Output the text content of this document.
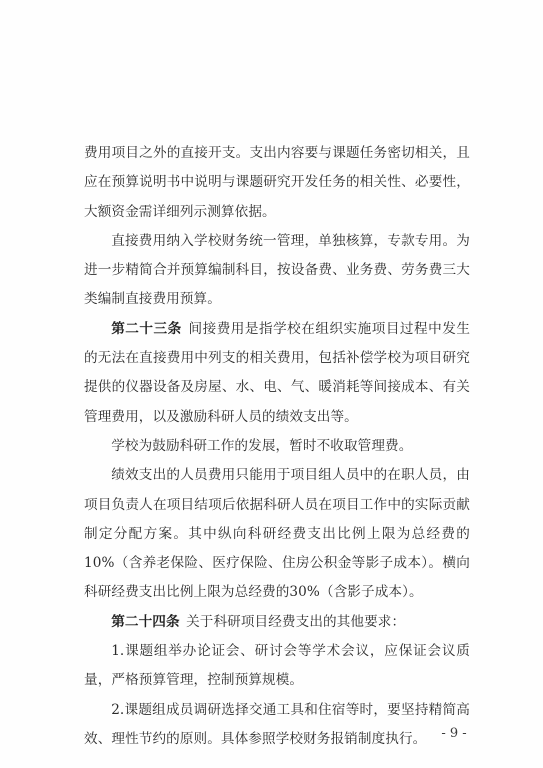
费用项目之外的直接开支。支出内容要与课题任务密切相关，且应在预算说明书中说明与课题研究开发任务的相关性、必要性，大额资金需详细列示测算依据。

直接费用纳入学校财务统一管理，单独核算，专款专用。为进一步精简合并预算编制科目，按设备费、业务费、劳务费三大类编制直接费用预算。

第二十三条 间接费用是指学校在组织实施项目过程中发生的无法在直接费用中列支的相关费用，包括补偿学校为项目研究提供的仪器设备及房屋、水、电、气、暖消耗等间接成本、有关管理费用，以及激励科研人员的绩效支出等。

学校为鼓励科研工作的发展，暂时不收取管理费。

绩效支出的人员费用只能用于项目组人员中的在职人员，由项目负责人在项目结项后依据科研人员在项目工作中的实际贡献制定分配方案。其中纵向科研经费支出比例上限为总经费的10%（含养老保险、医疗保险、住房公积金等影子成本）。横向科研经费支出比例上限为总经费的30%（含影子成本）。

第二十四条 关于科研项目经费支出的其他要求：

1.课题组举办论证会、研讨会等学术会议，应保证会议质量，严格预算管理，控制预算规模。

2.课题组成员调研选择交通工具和住宿等时，要坚持精简高效、理性节约的原则。具体参照学校财务报销制度执行。	- 9 -
